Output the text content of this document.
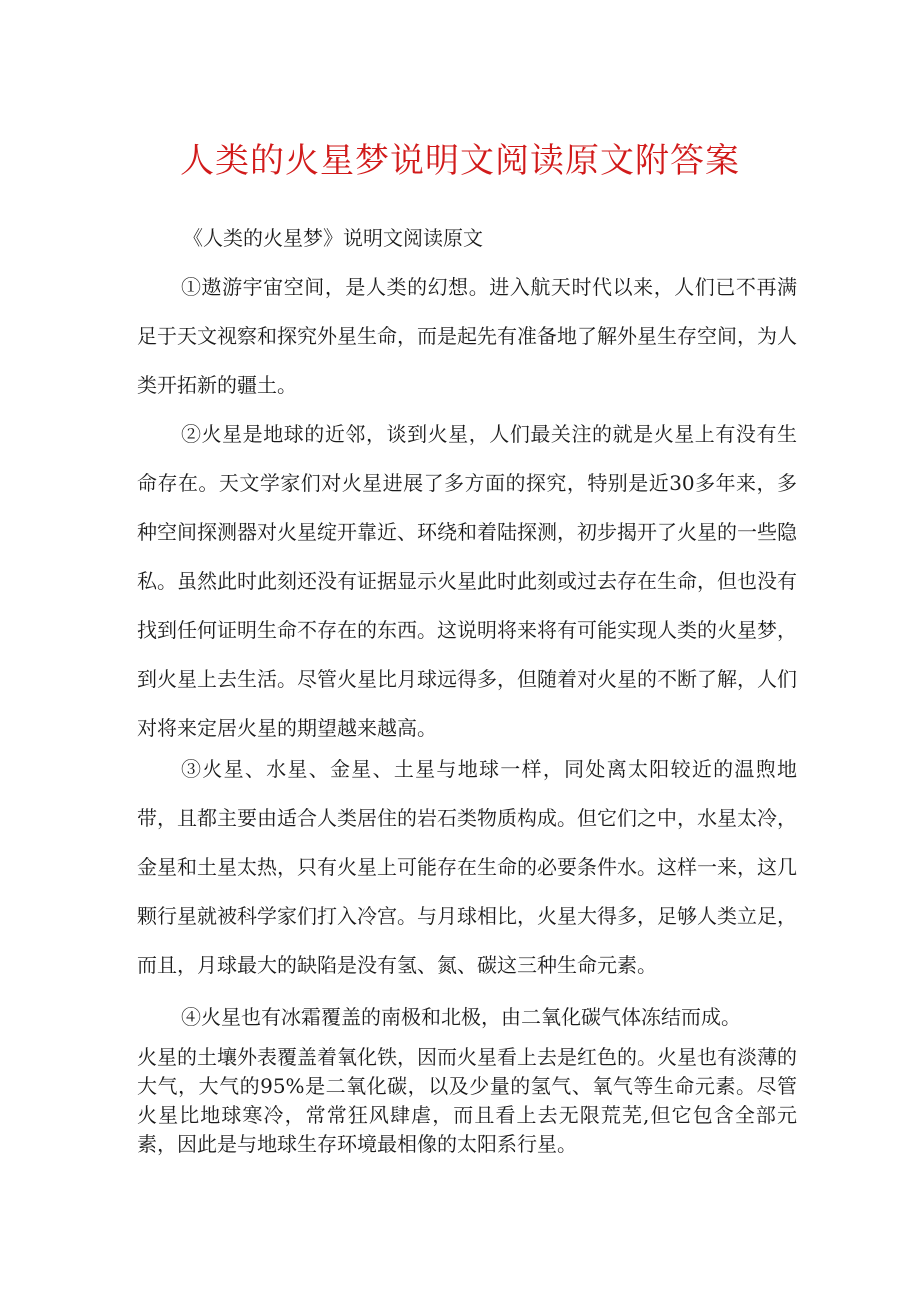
人类的火星梦说明文阅读原文附答案
《人类的火星梦》说明文阅读原文
①遨游宇宙空间，是人类的幻想。进入航天时代以来，人们已不再满足于天文视察和探究外星生命，而是起先有准备地了解外星生存空间，为人类开拓新的疆土。
②火星是地球的近邻，谈到火星，人们最关注的就是火星上有没有生命存在。天文学家们对火星进展了多方面的探究，特别是近30多年来，多种空间探测器对火星绽开靠近、环绕和着陆探测，初步揭开了火星的一些隐私。虽然此时此刻还没有证据显示火星此时此刻或过去存在生命，但也没有找到任何证明生命不存在的东西。这说明将来将有可能实现人类的火星梦，到火星上去生活。尽管火星比月球远得多，但随着对火星的不断了解，人们对将来定居火星的期望越来越高。
③火星、水星、金星、土星与地球一样，同处离太阳较近的温煦地带，且都主要由适合人类居住的岩石类物质构成。但它们之中，水星太冷，金星和土星太热，只有火星上可能存在生命的必要条件水。这样一来，这几颗行星就被科学家们打入冷宫。与月球相比，火星大得多，足够人类立足，而且，月球最大的缺陷是没有氢、氮、碳这三种生命元素。
④火星也有冰霜覆盖的南极和北极，由二氧化碳气体冻结而成。
火星的土壤外表覆盖着氧化铁，因而火星看上去是红色的。火星也有淡薄的大气，大气的95%是二氧化碳，以及少量的氢气、氧气等生命元素。尽管火星比地球寒冷，常常狂风肆虐，而且看上去无限荒芜,但它包含全部元素，因此是与地球生存环境最相像的太阳系行星。
